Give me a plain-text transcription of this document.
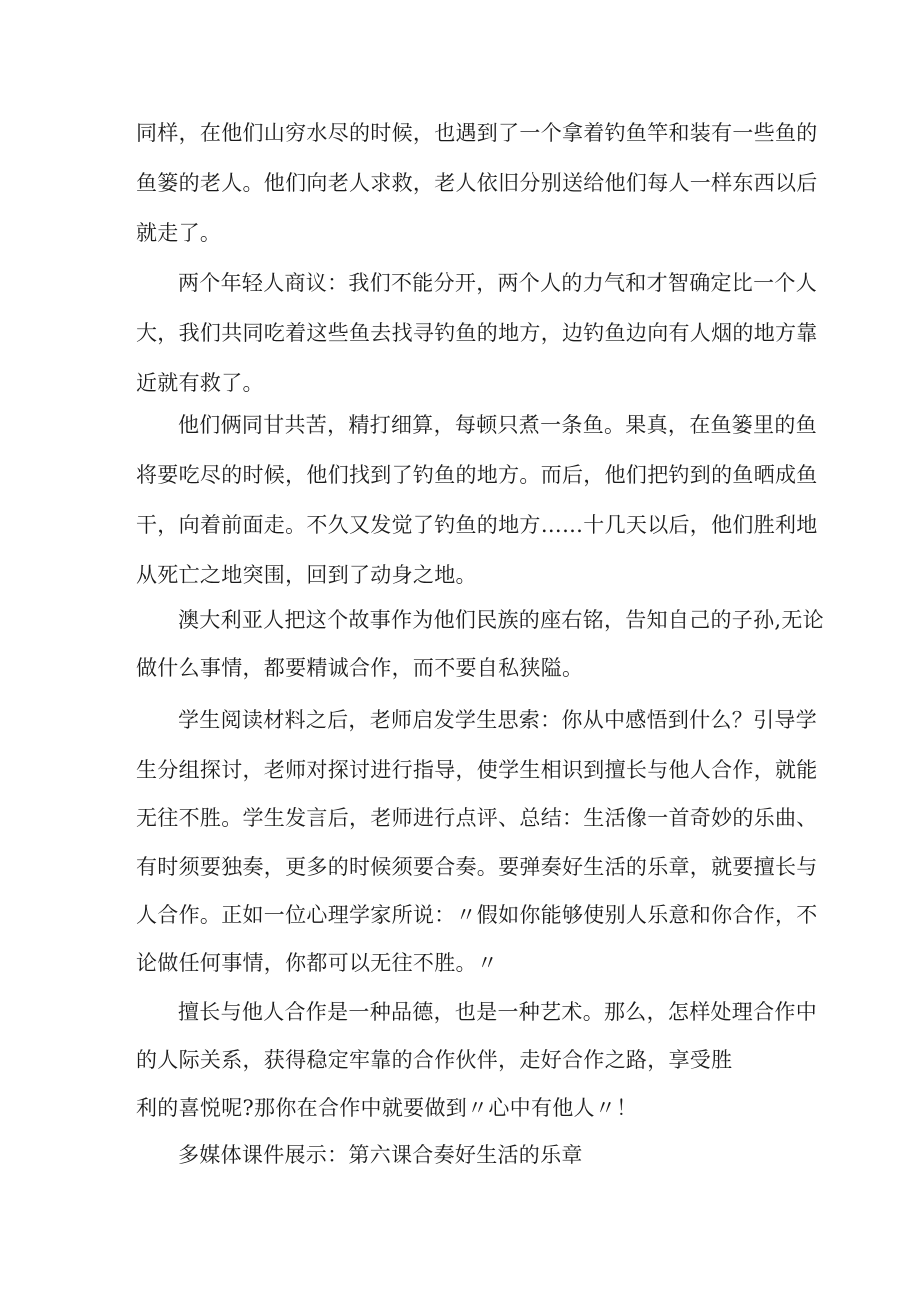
同样，在他们山穷水尽的时候，也遇到了一个拿着钓鱼竿和装有一些鱼的
鱼篓的老人。他们向老人求救，老人依旧分别送给他们每人一样东西以后
就走了。
两个年轻人商议：我们不能分开，两个人的力气和才智确定比一个人
大，我们共同吃着这些鱼去找寻钓鱼的地方，边钓鱼边向有人烟的地方靠
近就有救了。
他们俩同甘共苦，精打细算，每顿只煮一条鱼。果真，在鱼篓里的鱼
将要吃尽的时候，他们找到了钓鱼的地方。而后，他们把钓到的鱼晒成鱼
干，向着前面走。不久又发觉了钓鱼的地方……十几天以后，他们胜利地
从死亡之地突围，回到了动身之地。
澳大利亚人把这个故事作为他们民族的座右铭，告知自己的子孙,无论
做什么事情，都要精诚合作，而不要自私狭隘。
学生阅读材料之后，老师启发学生思索：你从中感悟到什么？引导学
生分组探讨，老师对探讨进行指导，使学生相识到擅长与他人合作，就能
无往不胜。学生发言后，老师进行点评、总结：生活像一首奇妙的乐曲、
有时须要独奏，更多的时候须要合奏。要弹奏好生活的乐章，就要擅长与
人合作。正如一位心理学家所说：〃假如你能够使别人乐意和你合作，不
论做任何事情，你都可以无往不胜。〃
擅长与他人合作是一种品德，也是一种艺术。那么，怎样处理合作中
的人际关系，获得稳定牢靠的合作伙伴，走好合作之路，享受胜
利的喜悦呢?那你在合作中就要做到〃心中有他人〃！
多媒体课件展示：第六课合奏好生活的乐章
